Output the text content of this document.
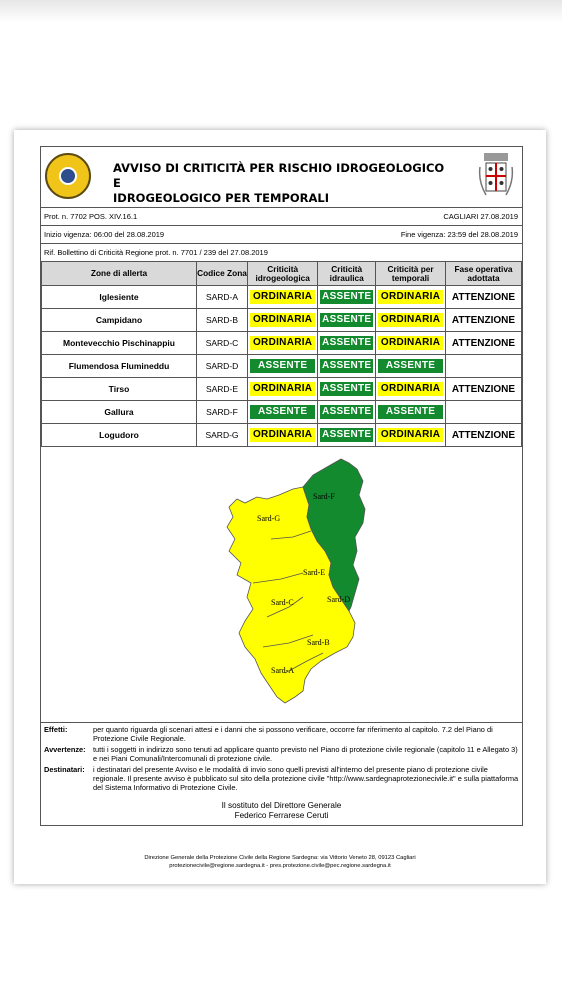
AVVISO DI CRITICITÀ PER RISCHIO IDROGEOLOGICO E
IDROGEOLOGICO PER TEMPORALI
Prot. n. 7702 POS. XIV.16.1	CAGLIARI 27.08.2019
Inizio vigenza: 06:00 del 28.08.2019	Fine vigenza: 23:59 del 28.08.2019
Rif. Bollettino di Criticità Regione prot. n. 7701 / 239 del 27.08.2019
Zone di allerta	Codice Zona	Criticità idrogeologica	Criticità idraulica	Criticità per temporali	Fase operativa adottata
Iglesiente	SARD-A	ORDINARIA	ASSENTE	ORDINARIA	ATTENZIONE
Campidano	SARD-B	ORDINARIA	ASSENTE	ORDINARIA	ATTENZIONE
Montevecchio Pischinappiu	SARD-C	ORDINARIA	ASSENTE	ORDINARIA	ATTENZIONE
Flumendosa Flumineddu	SARD-D	ASSENTE	ASSENTE	ASSENTE	

Tirso	SARD-E	ORDINARIA	ASSENTE	ORDINARIA	ATTENZIONE
Gallura	SARD-F	ASSENTE	ASSENTE	ASSENTE	

Logudoro	SARD-G	ORDINARIA	ASSENTE	ORDINARIA	ATTENZIONE
Sard-F
Sard-G
Sard-E
Sard-C	Sard-D
Sard-B
Sard-A
Effetti:	per quanto riguarda gli scenari attesi e i danni che si possono verificare, occorre far riferimento al capitolo. 7.2 del Piano di Protezione Civile Regionale.
Avvertenze: tutti i soggetti in indirizzo sono tenuti ad applicare quanto previsto nel Piano di protezione civile regionale (capitolo 11 e Allegato 3) e nei Piani Comunali/Intercomunali di protezione civile.
Destinatari: i destinatari del presente Avviso e le modalità di invio sono quelli previsti all'interno del presente piano di protezione civile regionale. Il presente avviso è pubblicato sul sito della protezione civile "http://www.sardegnaprotezionecivile.it" e sulla piattaforma del Sistema Informativo di Protezione Civile.
Il sostituto del Direttore Generale
Federico Ferrarese Ceruti
Direzione Generale della Protezione Civile della Regione Sardegna: via Vittorio Veneto 28, 09123 Cagliari
protezionecivile@regione.sardegna.it - pres.protezione.civile@pec.regione.sardegna.it
